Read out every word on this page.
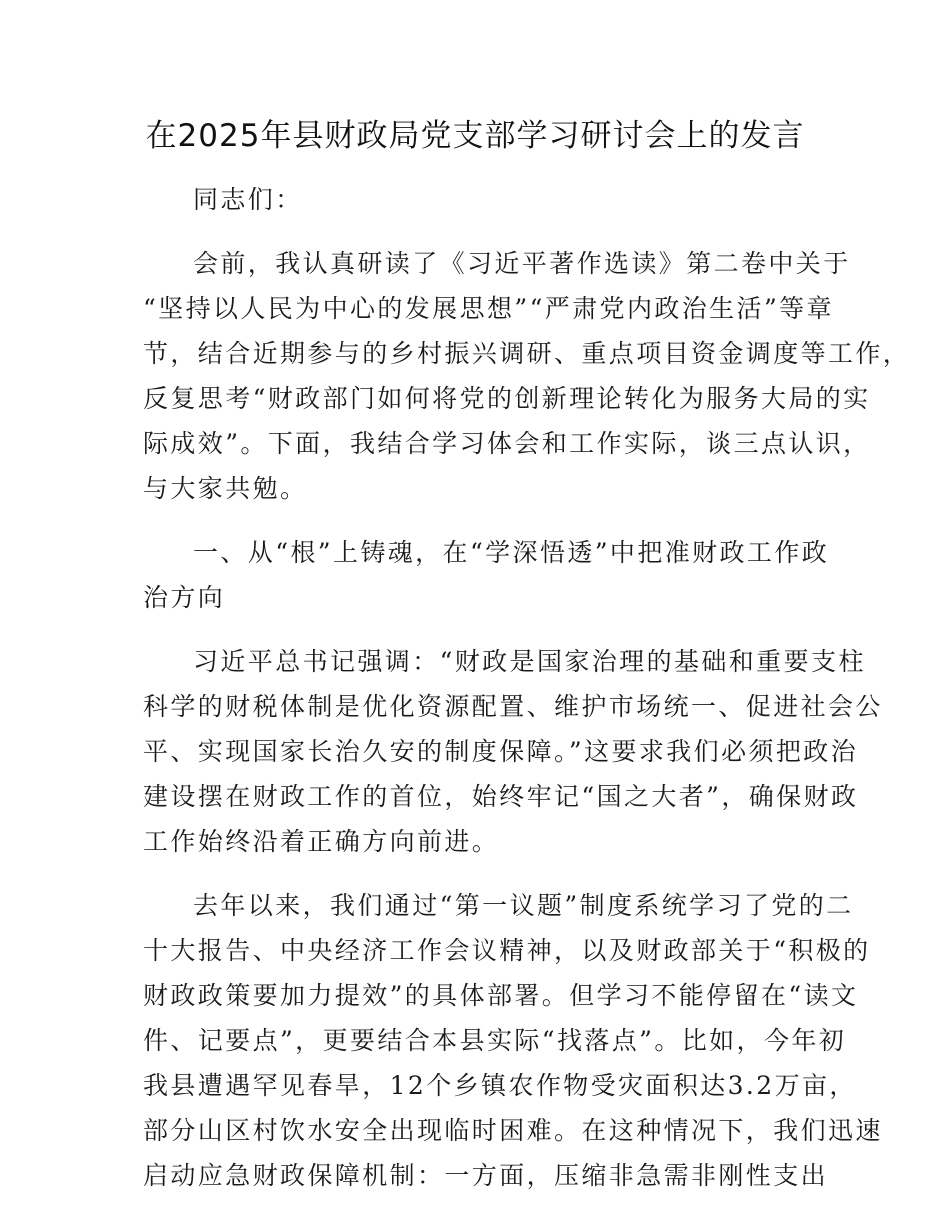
在2025年县财政局党支部学习研讨会上的发言

同志们：

会前，我认真研读了《习近平著作选读》第二卷中关于
“坚持以人民为中心的发展思想”“严肃党内政治生活”等章
节，结合近期参与的乡村振兴调研、重点项目资金调度等工作，
反复思考“财政部门如何将党的创新理论转化为服务大局的实
际成效”。下面，我结合学习体会和工作实际，谈三点认识，
与大家共勉。

一、从“根”上铸魂，在“学深悟透”中把准财政工作政
治方向

习近平总书记强调：“财政是国家治理的基础和重要支柱
科学的财税体制是优化资源配置、维护市场统一、促进社会公
平、实现国家长治久安的制度保障。”这要求我们必须把政治
建设摆在财政工作的首位，始终牢记“国之大者”，确保财政
工作始终沿着正确方向前进。

去年以来，我们通过“第一议题”制度系统学习了党的二
十大报告、中央经济工作会议精神，以及财政部关于“积极的
财政政策要加力提效”的具体部署。但学习不能停留在“读文
件、记要点”，更要结合本县实际“找落点”。比如，今年初
我县遭遇罕见春旱，12个乡镇农作物受灾面积达3.2万亩，
部分山区村饮水安全出现临时困难。在这种情况下，我们迅速
启动应急财政保障机制：一方面，压缩非急需非刚性支出
